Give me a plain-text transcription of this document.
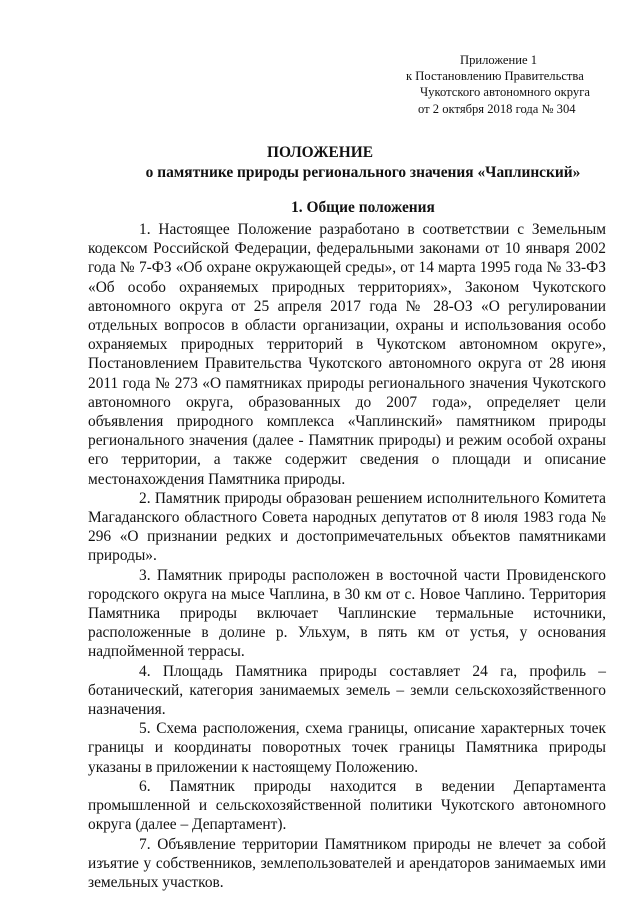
Приложение 1
к Постановлению Правительства
Чукотского автономного округа
от 2 октября 2018 года № 304
ПОЛОЖЕНИЕ
о памятнике природы регионального значения «Чаплинский»
1. Общие положения

1. Настоящее Положение разработано в соответствии с Земельным кодексом Российской Федерации, федеральными законами от 10 января 2002 года № 7-ФЗ «Об охране окружающей среды», от 14 марта 1995 года № 33-ФЗ «Об особо охраняемых природных территориях», Законом Чукотского автономного округа от 25 апреля 2017 года № 28-ОЗ «О регулировании отдельных вопросов в области организации, охраны и использования особо охраняемых природных территорий в Чукотском автономном округе», Постановлением Правительства Чукотского автономного округа от 28 июня 2011 года № 273 «О памятниках природы регионального значения Чукотского автономного округа, образованных до 2007 года», определяет цели объявления природного комплекса «Чаплинский» памятником природы регионального значения (далее - Памятник природы) и режим особой охраны его территории, а также содержит сведения о площади и описание местонахождения Памятника природы.

2. Памятник природы образован решением исполнительного Комитета Магаданского областного Совета народных депутатов от 8 июля 1983 года № 296 «О признании редких и достопримечательных объектов памятниками природы».

3. Памятник природы расположен в восточной части Провиденского городского округа на мысе Чаплина, в 30 км от с. Новое Чаплино. Территория Памятника природы включает Чаплинские термальные источники, расположенные в долине р. Ульхум, в пять км от устья, у основания надпойменной террасы.

4. Площадь Памятника природы составляет 24 га, профиль – ботанический, категория занимаемых земель – земли сельскохозяйственного назначения.

5. Схема расположения, схема границы, описание характерных точек границы и координаты поворотных точек границы Памятника природы указаны в приложении к настоящему Положению.

6. Памятник природы находится в ведении Департамента промышленной и сельскохозяйственной политики Чукотского автономного округа (далее – Департамент).

7. Объявление территории Памятником природы не влечет за собой изъятие у собственников, землепользователей и арендаторов занимаемых ими земельных участков.
